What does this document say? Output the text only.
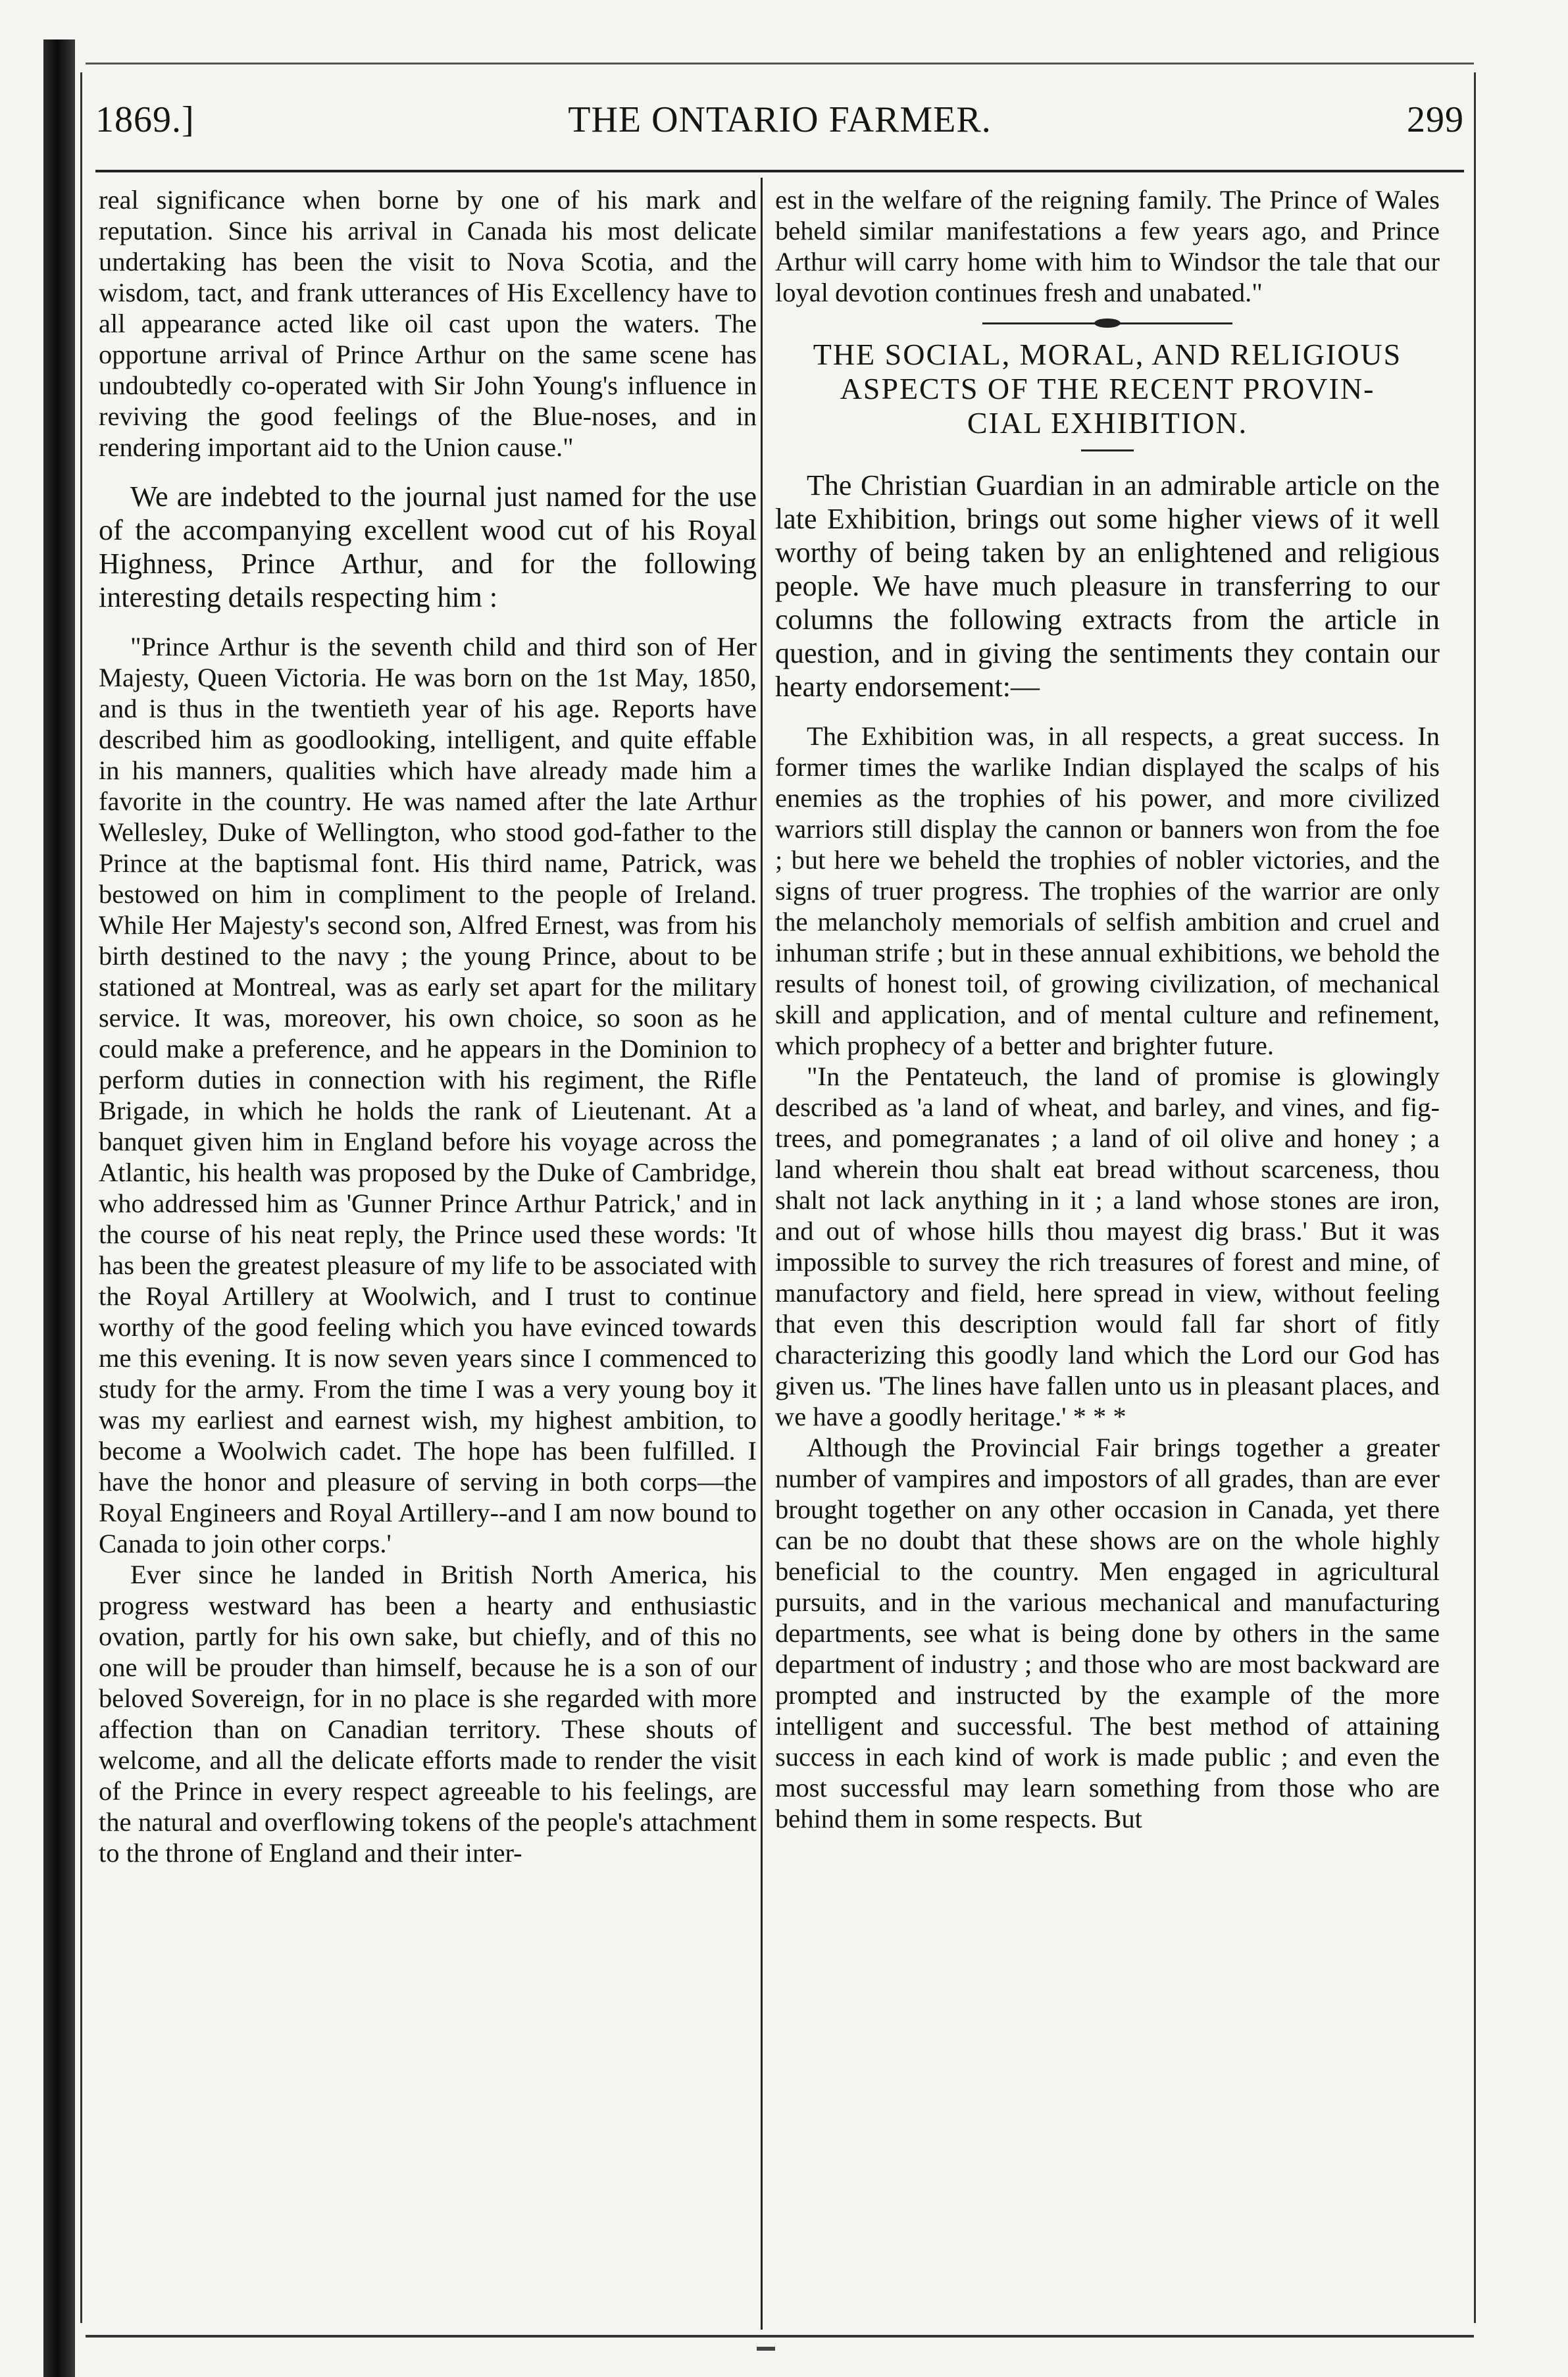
THE ONTARIO FARMER.
1869.]	299

real significance when borne by one of his mark and reputation. Since his arrival in Canada his most delicate undertaking has been the visit to Nova Scotia, and the wisdom, tact, and frank utterances of His Excellency have to all appearance acted like oil cast upon the waters. The opportune arrival of Prince Arthur on the same scene has undoubtedly co-operated with Sir John Young's influence in reviving the good feelings of the Blue-noses, and in rendering important aid to the Union cause."

We are indebted to the journal just named for the use of the accompanying excellent wood cut of his Royal Highness, Prince Arthur, and for the following interesting details respecting him :

"Prince Arthur is the seventh child and third son of Her Majesty, Queen Victoria. He was born on the 1st May, 1850, and is thus in the twentieth year of his age. Reports have described him as goodlooking, intelligent, and quite effable in his manners, qualities which have already made him a favorite in the country. He was named after the late Arthur Wellesley, Duke of Wellington, who stood god-father to the Prince at the baptismal font. His third name, Patrick, was bestowed on him in compliment to the people of Ireland. While Her Majesty's second son, Alfred Ernest, was from his birth destined to the navy ; the young Prince, about to be stationed at Montreal, was as early set apart for the military service. It was, moreover, his own choice, so soon as he could make a preference, and he appears in the Dominion to perform duties in connection with his regiment, the Rifle Brigade, in which he holds the rank of Lieutenant. At a banquet given him in England before his voyage across the Atlantic, his health was proposed by the Duke of Cambridge, who addressed him as 'Gunner Prince Arthur Patrick,' and in the course of his neat reply, the Prince used these words: 'It has been the greatest pleasure of my life to be associated with the Royal Artillery at Woolwich, and I trust to continue worthy of the good feeling which you have evinced towards me this evening. It is now seven years since I commenced to study for the army. From the time I was a very young boy it was my earliest and earnest wish, my highest ambition, to become a Woolwich cadet. The hope has been fulfilled. I have the honor and pleasure of serving in both corps—the Royal Engineers and Royal Artillery--and I am now bound to Canada to join other corps.'

Ever since he landed in British North America, his progress westward has been a hearty and enthusiastic ovation, partly for his own sake, but chiefly, and of this no one will be prouder than himself, because he is a son of our beloved Sovereign, for in no place is she regarded with more affection than on Canadian territory. These shouts of welcome, and all the delicate efforts made to render the visit of the Prince in every respect agreeable to his feelings, are the natural and overflowing tokens of the people's attachment to the throne of England and their inter-

est in the welfare of the reigning family. The Prince of Wales beheld similar manifestations a few years ago, and Prince Arthur will carry home with him to Windsor the tale that our loyal devotion continues fresh and unabated."

THE SOCIAL, MORAL, AND RELIGIOUS
ASPECTS OF THE RECENT PROVIN-
CIAL EXHIBITION.

The Christian Guardian in an admirable article on the late Exhibition, brings out some higher views of it well worthy of being taken by an enlightened and religious people. We have much pleasure in transferring to our columns the following extracts from the article in question, and in giving the sentiments they contain our hearty endorsement:—

The Exhibition was, in all respects, a great success. In former times the warlike Indian displayed the scalps of his enemies as the trophies of his power, and more civilized warriors still display the cannon or banners won from the foe ; but here we beheld the trophies of nobler victories, and the signs of truer progress. The trophies of the warrior are only the melancholy memorials of selfish ambition and cruel and inhuman strife ; but in these annual exhibitions, we behold the results of honest toil, of growing civilization, of mechanical skill and application, and of mental culture and refinement, which prophecy of a better and brighter future.

"In the Pentateuch, the land of promise is glowingly described as 'a land of wheat, and barley, and vines, and fig-trees, and pomegranates ; a land of oil olive and honey ; a land wherein thou shalt eat bread without scarceness, thou shalt not lack anything in it ; a land whose stones are iron, and out of whose hills thou mayest dig brass.' But it was impossible to survey the rich treasures of forest and mine, of manufactory and field, here spread in view, without feeling that even this description would fall far short of fitly characterizing this goodly land which the Lord our God has given us. 'The lines have fallen unto us in pleasant places, and we have a goodly heritage.' * * *

Although the Provincial Fair brings together a greater number of vampires and impostors of all grades, than are ever brought together on any other occasion in Canada, yet there can be no doubt that these shows are on the whole highly beneficial to the country. Men engaged in agricultural pursuits, and in the various mechanical and manufacturing departments, see what is being done by others in the same department of industry ; and those who are most backward are prompted and instructed by the example of the more intelligent and successful. The best method of attaining success in each kind of work is made public ; and even the most successful may learn something from those who are behind them in some respects. But
